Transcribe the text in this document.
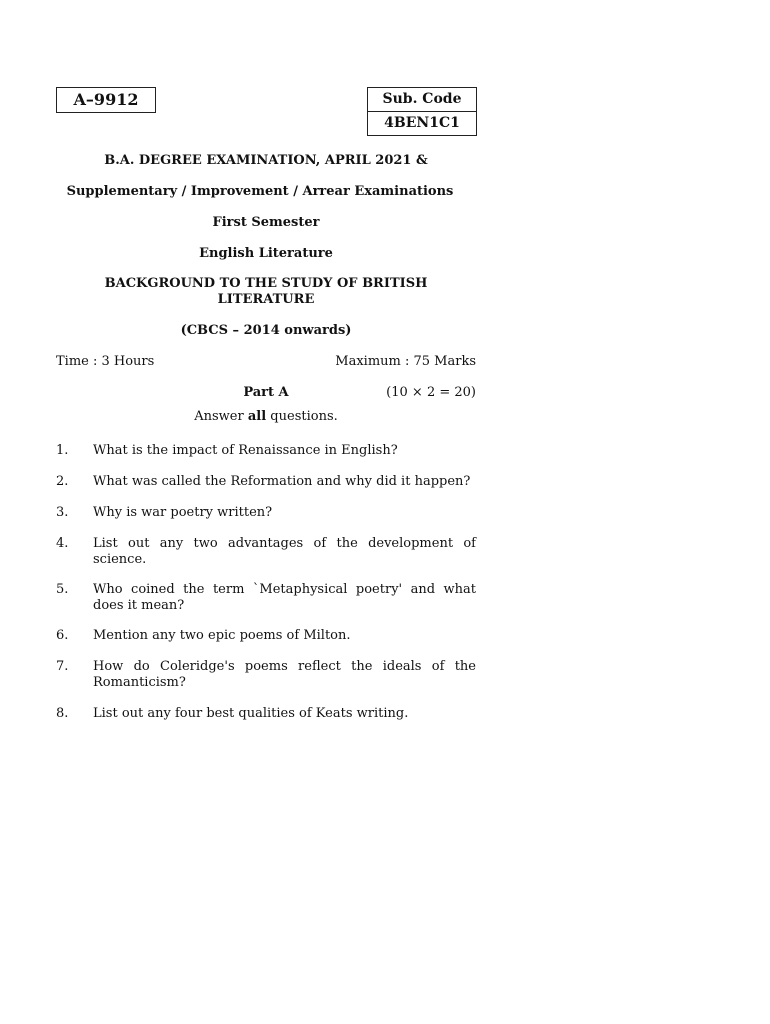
A–9912	Sub. Code
4BEN1C1
B.A. DEGREE EXAMINATION, APRIL 2021 &
Supplementary / Improvement / Arrear Examinations
First Semester
English Literature
BACKGROUND TO THE STUDY OF BRITISH
LITERATURE
(CBCS – 2014 onwards)
Time : 3 Hours	Maximum : 75 Marks
Part A	(10 × 2 = 20)
Answer all questions.
1. What is the impact of Renaissance in English?
2. What was called the Reformation and why did it happen?
3. Why is war poetry written?
4. List out any two advantages of the development of science.
5. Who coined the term `Metaphysical poetry' and what does it mean?
6. Mention any two epic poems of Milton.
7. How do Coleridge's poems reflect the ideals of the Romanticism?
8. List out any four best qualities of Keats writing.
